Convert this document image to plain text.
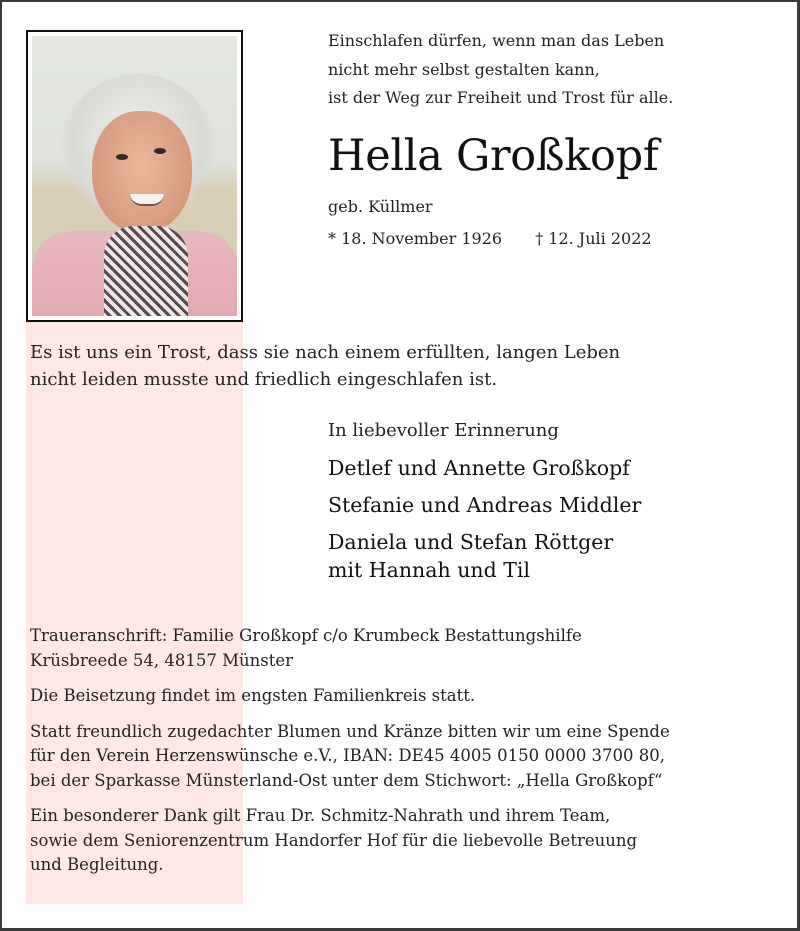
Einschlafen dürfen, wenn man das Leben
nicht mehr selbst gestalten kann,
ist der Weg zur Freiheit und Trost für alle.
Hella Großkopf
geb. Küllmer
* 18. November 1926 † 12. Juli 2022
Es ist uns ein Trost, dass sie nach einem erfüllten, langen Leben
nicht leiden musste und friedlich eingeschlafen ist.
In liebevoller Erinnerung
Detlef und Annette Großkopf
Stefanie und Andreas Middler
Daniela und Stefan Röttger
mit Hannah und Til
Traueranschrift: Familie Großkopf c/o Krumbeck Bestattungshilfe
Krüsbreede 54, 48157 Münster
Die Beisetzung findet im engsten Familienkreis statt.
Statt freundlich zugedachter Blumen und Kränze bitten wir um eine Spende
für den Verein Herzenswünsche e.V., IBAN: DE45 4005 0150 0000 3700 80,
bei der Sparkasse Münsterland-Ost unter dem Stichwort: „Hella Großkopf“
Ein besonderer Dank gilt Frau Dr. Schmitz-Nahrath und ihrem Team,
sowie dem Seniorenzentrum Handorfer Hof für die liebevolle Betreuung
und Begleitung.
